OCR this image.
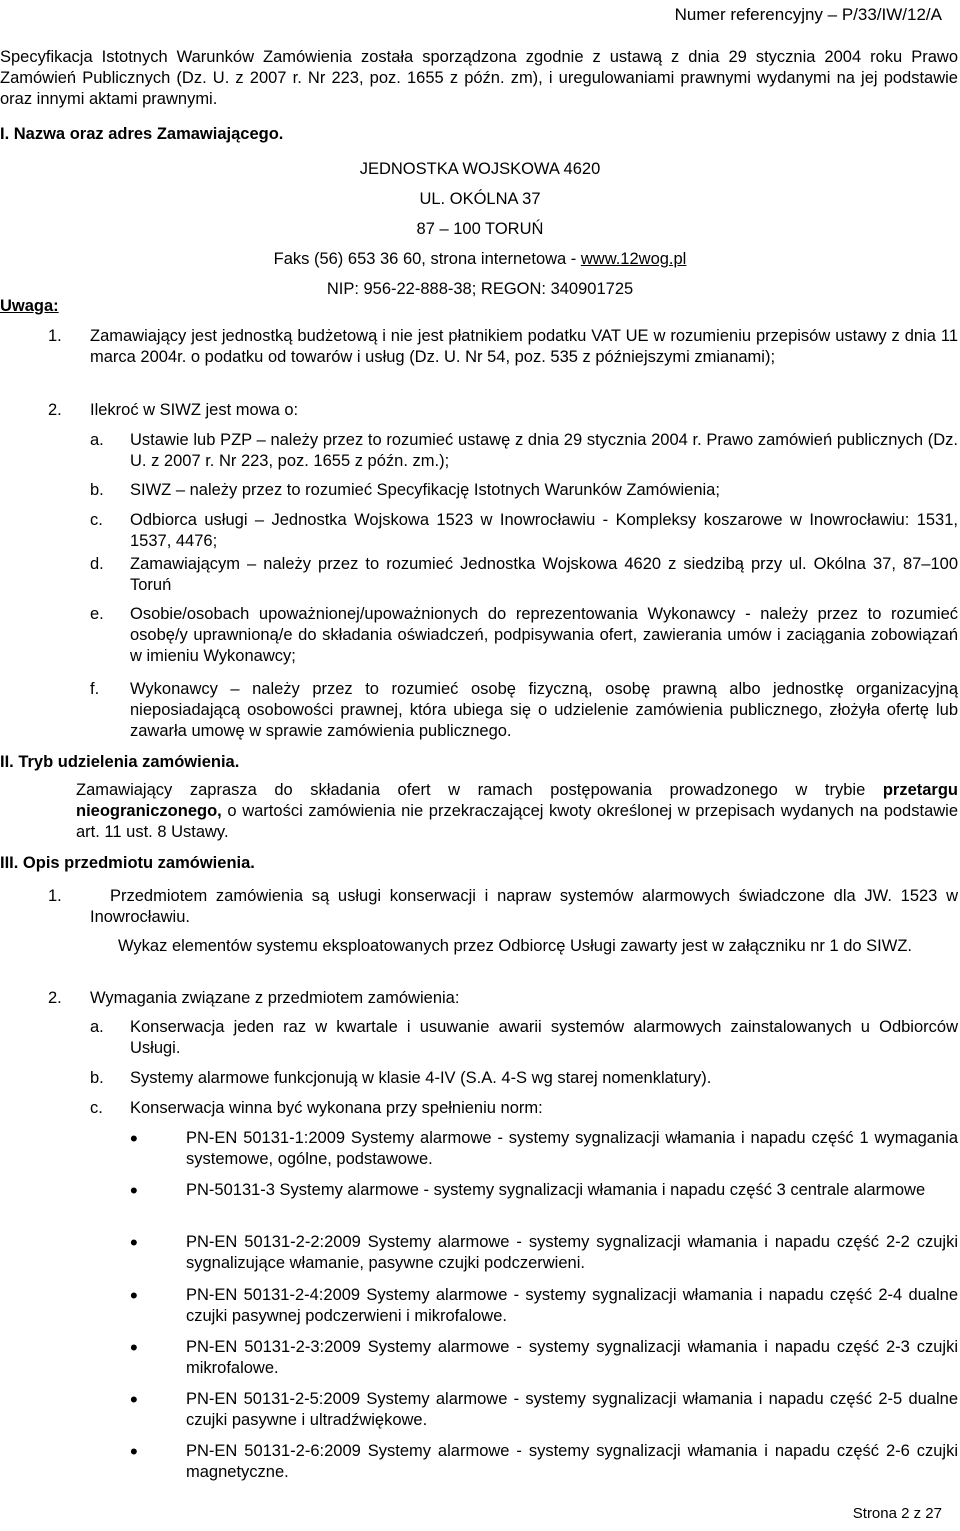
Numer referencyjny – P/33/IW/12/A
Specyfikacja Istotnych Warunków Zamówienia została sporządzona zgodnie z ustawą z dnia 29 stycznia 2004 roku Prawo Zamówień Publicznych (Dz. U. z 2007 r. Nr 223, poz. 1655 z późn. zm), i uregulowaniami prawnymi wydanymi na jej podstawie oraz innymi aktami prawnymi.
I. Nazwa oraz adres Zamawiającego.
JEDNOSTKA WOJSKOWA 4620
UL. OKÓLNA 37
87 – 100 TORUŃ
Faks (56) 653 36 60, strona internetowa - www.12wog.pl
NIP: 956-22-888-38; REGON: 340901725
Uwaga:
1. Zamawiający jest jednostką budżetową i nie jest płatnikiem podatku VAT UE w rozumieniu przepisów ustawy z dnia 11 marca 2004r. o podatku od towarów i usług (Dz. U. Nr 54, poz. 535 z późniejszymi zmianami);
2. Ilekroć w SIWZ jest mowa o:
a. Ustawie lub PZP – należy przez to rozumieć ustawę z dnia 29 stycznia 2004 r. Prawo zamówień publicznych (Dz. U. z 2007 r. Nr 223, poz. 1655 z późn. zm.);
b. SIWZ – należy przez to rozumieć Specyfikację Istotnych Warunków Zamówienia;
c. Odbiorca usługi – Jednostka Wojskowa 1523 w Inowrocławiu - Kompleksy koszarowe w Inowrocławiu: 1531, 1537, 4476;
d. Zamawiającym – należy przez to rozumieć Jednostka Wojskowa 4620 z siedzibą przy ul. Okólna 37, 87–100 Toruń
e. Osobie/osobach upoważnionej/upoważnionych do reprezentowania Wykonawcy - należy przez to rozumieć osobę/y uprawnioną/e do składania oświadczeń, podpisywania ofert, zawierania umów i zaciągania zobowiązań w imieniu Wykonawcy;
f. Wykonawcy – należy przez to rozumieć osobę fizyczną, osobę prawną albo jednostkę organizacyjną nieposiadającą osobowości prawnej, która ubiega się o udzielenie zamówienia publicznego, złożyła ofertę lub zawarła umowę w sprawie zamówienia publicznego.
II. Tryb udzielenia zamówienia.
Zamawiający zaprasza do składania ofert w ramach postępowania prowadzonego w trybie przetargu nieograniczonego, o wartości zamówienia nie przekraczającej kwoty określonej w przepisach wydanych na podstawie art. 11 ust. 8 Ustawy.
III. Opis przedmiotu zamówienia.
1.	Przedmiotem zamówienia są usługi konserwacji i napraw systemów alarmowych świadczone dla JW. 1523 w Inowrocławiu.
Wykaz elementów systemu eksploatowanych przez Odbiorcę Usługi zawarty jest w załączniku nr 1 do SIWZ.
2. Wymagania związane z przedmiotem zamówienia:
a. Konserwacja jeden raz w kwartale i usuwanie awarii systemów alarmowych zainstalowanych u Odbiorców Usługi.
b. Systemy alarmowe funkcjonują w klasie 4-IV (S.A. 4-S wg starej nomenklatury).
c. Konserwacja winna być wykonana przy spełnieniu norm:
•	PN-EN 50131-1:2009 Systemy alarmowe - systemy sygnalizacji włamania i napadu część 1 wymagania systemowe, ogólne, podstawowe.
•	PN-50131-3 Systemy alarmowe - systemy sygnalizacji włamania i napadu część 3 centrale alarmowe
•	PN-EN 50131-2-2:2009 Systemy alarmowe - systemy sygnalizacji włamania i napadu część 2-2 czujki sygnalizujące włamanie, pasywne czujki podczerwieni.
•	PN-EN 50131-2-4:2009 Systemy alarmowe - systemy sygnalizacji włamania i napadu część 2-4 dualne czujki pasywnej podczerwieni i mikrofalowe.
•	PN-EN 50131-2-3:2009 Systemy alarmowe - systemy sygnalizacji włamania i napadu część 2-3 czujki mikrofalowe.
•	PN-EN 50131-2-5:2009 Systemy alarmowe - systemy sygnalizacji włamania i napadu część 2-5 dualne czujki pasywne i ultradźwiękowe.
•	PN-EN 50131-2-6:2009 Systemy alarmowe - systemy sygnalizacji włamania i napadu część 2-6 czujki magnetyczne.
Strona 2 z 27
